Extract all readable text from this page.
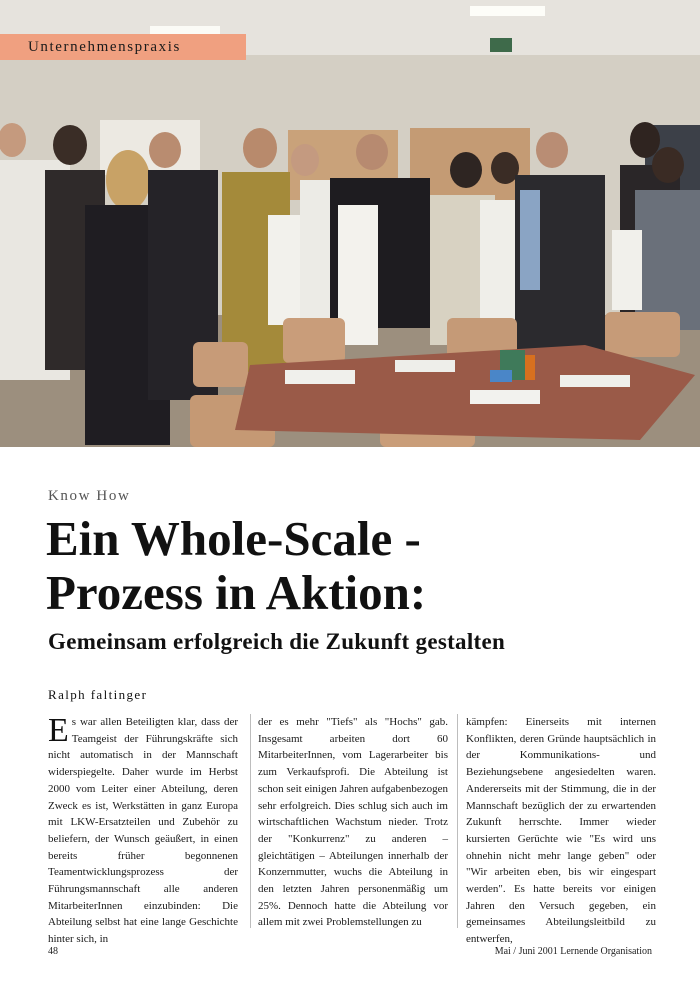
Unternehmenspraxis
Know How
Ein Whole-Scale -
Prozess in Aktion:
Gemeinsam erfolgreich die Zukunft gestalten
Ralph faltinger
Es war allen Beteiligten klar, dass der Teamgeist der Führungskräfte sich nicht automatisch in der Mannschaft widerspiegelte. Daher wurde im Herbst 2000 vom Leiter einer Abteilung, deren Zweck es ist, Werkstätten in ganz Europa mit LKW-Ersatzteilen und Zubehör zu beliefern, der Wunsch geäußert, in einen bereits früher begonnenen Teamentwicklungsprozess der Führungsmannschaft alle anderen MitarbeiterInnen einzubinden: Die Abteilung selbst hat eine lange Geschichte hinter sich, in
der es mehr "Tiefs" als "Hochs" gab. Insgesamt arbeiten dort 60 MitarbeiterInnen, vom Lagerarbeiter bis zum Verkaufsprofi. Die Abteilung ist schon seit einigen Jahren aufgabenbezogen sehr erfolgreich. Dies schlug sich auch im wirtschaftlichen Wachstum nieder. Trotz der "Konkurrenz" zu anderen – gleichtätigen – Abteilungen innerhalb der Konzernmutter, wuchs die Abteilung in den letzten Jahren personenmäßig um 25%. Dennoch hatte die Abteilung vor allem mit zwei Problemstellungen zu
kämpfen: Einerseits mit internen Konflikten, deren Gründe hauptsächlich in der Kommunikations- und Beziehungsebene angesiedelten waren. Andererseits mit der Stimmung, die in der Mannschaft bezüglich der zu erwartenden Zukunft herrschte. Immer wieder kursierten Gerüchte wie "Es wird uns ohnehin nicht mehr lange geben" oder "Wir arbeiten eben, bis wir eingespart werden". Es hatte bereits vor einigen Jahren den Versuch gegeben, ein gemeinsames Abteilungsleitbild zu entwerfen,
48	Mai / Juni 2001 Lernende Organisation
